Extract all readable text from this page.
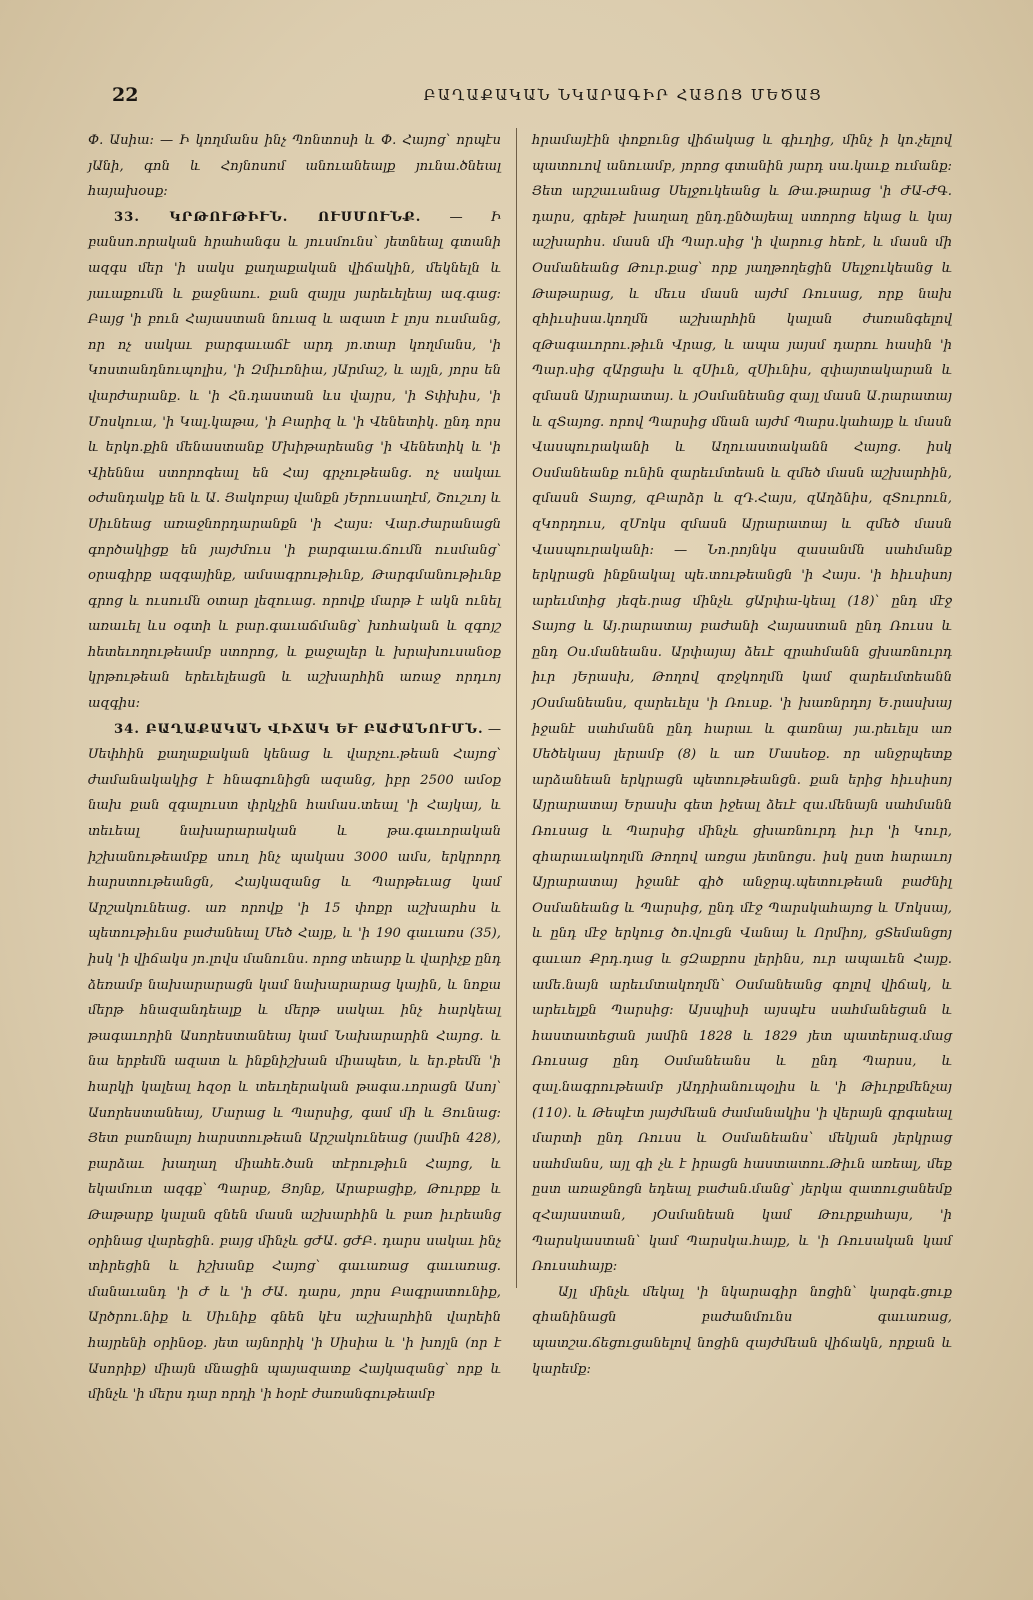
22	ԲԱՂԱՔԱԿԱՆ ՆԿԱՐԱԳԻՐ ՀԱՅՈՑ ՄԵԾԱՑ

Փ. Ասիա: — Ի կողմանս ինչ Պոնտոսի և Փ. Հայոց՝ որպէս յԱնի, գոն և Հոյնոսոմ անուանեալք յունա.ծնեալ հայախօսք:

33. ԿՐԹՈՒԹԻՒՆ. ՈՒՍՄՈՒՆՔ. — Ի բանսո.որական հրահանգս և յուսմունս՝ յետնեալ գտանի ազգս մեր 'ի սակս քաղաքական վիճակին, մեկնելն և յաւաքումն և քաջնաու. քան զայլս յարեւելեայ ազ.գաց: Բայց 'ի բուն Հայաստան նուազ և ազատ է լոյս ուսմանց, որ ոչ սակաւ բարգաւաճէ արդ յո.տար կողմանս, 'ի Կոստանդնուպոլիս, 'ի Զմիւռնիա, յԱրմաշ, և այլն, յորս են վարժարանք. և 'ի Հն.դաստան ևս վայրս, 'ի Տփխիս, 'ի Մոսկուա, 'ի Կալ.կաթա, 'ի Բարիզ և 'ի Վենետիկ. ընդ որս և երկո.քին մենաստանք Մխիթարեանց 'ի Վենետիկ և 'ի Վիեննա ստորոգեալ են Հայ գրչութեանց. ոչ սակաւ օժանդակք են և Ա. Յակոբայ վանքն յԵրուսաղէմ, Շուշւոյ և Սիւնեաց առաջնորդարանքն 'ի Հայս: Վար.ժարանացն գործակիցք են յայժմուս 'ի բարգաւա.ճումն ուսմանց՝ օրագիրք ազգայինք, ամսագրութիւնք, Թարգմանութիւնք գրոց և ուսումն օտար լեզուաց. որովք մարթ է ակն ունել առաւել ևս օգտի և բար.գաւաճմանց՝ խոհական և զգոյշ հետեւողութեամբ ստորոց, և քաջալեր և խրախուսանօք կրթութեան երեւելեացն և աշխարհին առաջ որդւոյ ազգիս:

34. ԲԱՂԱՔԱԿԱՆ ՎԻՃԱԿ ԵՒ ԲԱԺԱՆՈՒՄՆ. — Սեփհին քաղաքական կենաց և վարչու.թեան Հայոց՝ ժամանակակից է հնագունիցն ազանց, իբր 2500 ամօք նախ քան զգալուստ փրկչին համաս.տեալ 'ի Հայկայ, և տեւեալ նախարարական և թա.գաւորական իշխանութեամբք սուղ ինչ պակաս 3000 ամս, երկրորդ հարստութեանցն, Հայկազանց և Պարթեւաց կամ Արշակունեաց. առ որովք 'ի 15 փոքր աշխարհս և պետութիւնս բաժանեալ Մեծ Հայք, և 'ի 190 գաւառս (35), իսկ 'ի վիճակս յո.լովս մանունս. որոց տեարք և վարիչք ընդ ձեռամբ նախարարացն կամ նախարարաց կային, և նոքա մերթ հնազանդեալք և մերթ սակաւ ինչ հարկեալ թագաւորին Ասորեստանեայ կամ Նախարարին Հայոց. և նա երբեմն ազատ և ինքնիշխան միապետ, և եր.բեմն 'ի հարկի կալեալ հզօր և տեւղերական թագա.ւորացն Ասոյ՝ Ասորեստանեայ, Մարաց և Պարսից, գամ մի և Յունաց: Յետ բառնալոյ հարստութեան Արշակունեաց (յամին 428), բարձաւ խաղաղ միահե.ծան տէրութիւն Հայոց, և եկամուտ ազգք՝ Պարսք, Յոյնք, Արաբացիք, Թուրքք և Թաթարք կալան զնեն մասն աշխարհին և բառ իւրեանց օրինաց վարեցին. բայց մինչև ցԺԱ. ցԺԲ. դարս սակաւ ինչ տիրեցին և իշխանք Հայոց՝ գաւառաց գաւառաց. մանաւանդ 'ի Ժ և 'ի ԺԱ. դարս, յորս Բագրատունիք, Արծրու.նիք և Սիւնիք գնեն կէս աշխարհին վարեին հայրենի օրինօք. յետ այնորիկ 'ի Սիսիա և 'ի խոյլն (որ է Ասորիք) միայն մնացին պայազատք Հայկազանց՝ որք և մինչև 'ի մերս դար որդի 'ի հօրէ ժառանգութեամբ

հրամայէին փոքունց վիճակաց և գիւղից, մինչ ի կո.չելով պատուով անուամբ, յորոց գտանին յարդ սա.կաւք ումանք: Յետ արշաւանաց Սելջուկեանց և Թա.թարաց 'ի ԺԱ-ԺԳ. դարս, գրեթէ խաղաղ ընդ.ընծայեալ ստորոց եկաց և կայ աշխարհս. մասն մի Պար.սից 'ի վարուց հեռէ, և մասն մի Օսմանեանց Թուր.քաց՝ որք յաղթողեցին Սելջուկեանց և Թաթարաց, և մեւս մասն այժմ Ռուսաց, որք նախ զհիւսիսա.կողմն աշխարհին կալան ժառանգելով զԹագաւորու.թիւն Վրաց, և ապա յայսմ դարու հասին 'ի Պար.սից զԱրցախ և զՍիւն, զՍիւնիս, զփայտակարան և զմասն Այրարատայ. և յՕսմանեանց զայլ մասն Ա.րարատայ և զՏայոց. որով Պարսից մնան այժմ Պարս.կահայք և մասն Վասպուրականի և Աղուաստականն Հայոց. իսկ Օսմանեանք ունին զարեւմտեան և զմեծ մասն աշխարհին, զմասն Տայոց, զԲարձր և զԴ.Հայս, զԱղձնիս, զՏուրուն, զԿորդուս, զՄոկս զմասն Այրարատայ և զմեծ մասն Վասպուրականի: — Նո.րոյնկս զասանմն սահմանք երկրացն ինքնակալ պե.տութեանցն 'ի Հայս. 'ի հիւսիսոյ արեւմտից յեզե.րաց մինչև ցԱրփա-կեալ (18)՝ ընդ մէջ Տայոց և Այ.րարատայ բաժանի Հայաստան ընդ Ռուսս և ընդ Օս.մանեանս. Արփայայ ձեւէ զրահմանն ցխառնուրդ իւր յԵրասխ, Թողով զռջկողմն կամ զարեւմտեանն յՕսմանեանս, զարեւելս 'ի Ռուսք. 'ի խառնրդոյ Ե.րասխայ իջանէ սահմանն ընդ հարաւ և գառնայ յա.րեւելս առ Սեծեկասյ լերամբ (8) և առ Մասեօք. որ անջրպետք արձանեան երկրացն պետութեանցն. քան երից հիւսիսոյ Այրարատայ Երասխ գետ իջեալ ձեւէ զա.մենայն սահմանն Ռուսաց և Պարսից մինչև ցխառնուրդ իւր 'ի Կուր, զհարաւակողմն Թողով առցա յետնոցս. իսկ ըստ հարաւոյ Այրարատայ իջանէ գիծ անջրպ.պետութեան բաժնիլ Օսմանեանց և Պարսից, ընդ մէջ Պարսկահայոց և Մոկսայ, և ընդ մէջ երկուց ծո.վուցն Վանայ և Որմիոյ, ցՏեմանցոյ գաւառ Քրդ.դաց և ցԶաքրոս լերինս, ուր ապաւեն Հայք. ամե.նայն արեւմտակողմն՝ Օսմանեանց գոլով վիճակ, և արեւելքն Պարսից: Այսպիսի այսպէս սահմանեցան և հաստատեցան յամին 1828 և 1829 յետ պատերազ.մաց Ռուսաց ընդ Օսմանեանս և ընդ Պարսս, և զալ.նագրութեամբ յԱդրիանուպօլիս և 'ի Թիւրքմենչայ (110). և Թեպէտ յայժմեան ժամանակիս 'ի վերայն գրգաեալ մարտի ընդ Ռուսս և Օսմանեանս՝ մեկյան յերկրաց սահմանս, այլ գի չև է իրացն հաստատու.Թիւն առեալ, մեք ըստ առաջնոցն եդեալ բաժան.մանց՝ յերկա զատուցանեմք զՀայաստան, յՕսմանեան կամ Թուրքահայս, 'ի Պարսկաստան՝ կամ Պարսկա.հայք, և 'ի Ռուսական կամ Ռուսահայք:

Այլ մինչև մեկալ 'ի նկարագիր նոցին՝ կարգե.ցուք զհանինացն բաժանմունս գաւառաց, պատշա.ճեցուցանելով նոցին զայժմեան վիճակն, որքան և կարեմք:
